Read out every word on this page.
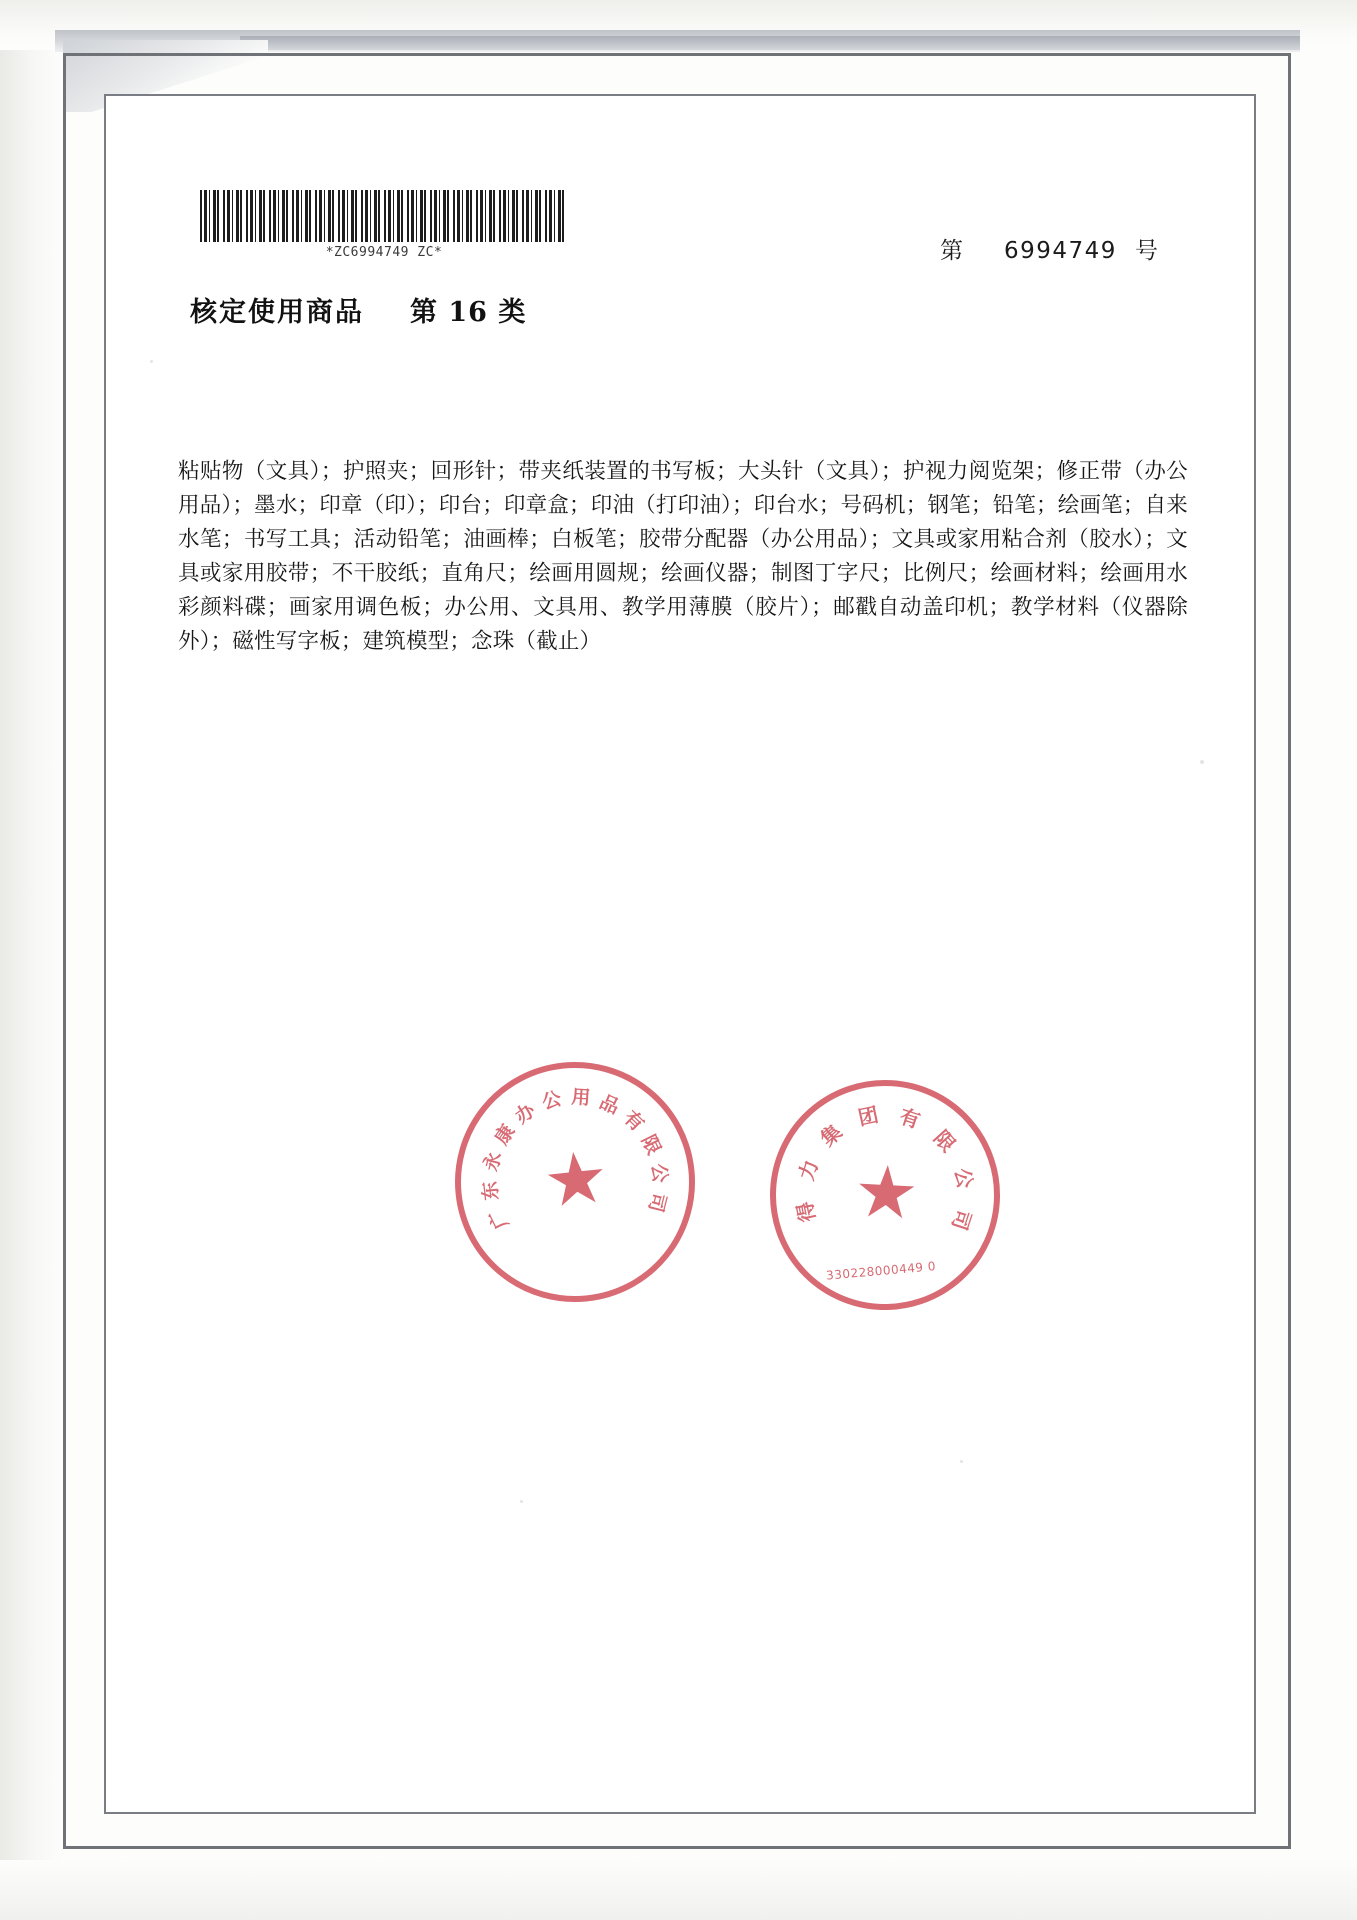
*ZC6994749 ZC*	第 6994749 号
核定使用商品 第 16 类
粘贴物（文具）；护照夹；回形针；带夹纸装置的书写板；大头针（文具）；护视力阅览架；修正带（办公用品）；墨水；印章（印）；印台；印章盒；印油（打印油）；印台水；号码机；钢笔；铅笔；绘画笔；自来水笔；书写工具；活动铅笔；油画棒；白板笔；胶带分配器（办公用品）；文具或家用粘合剂（胶水）；文具或家用胶带；不干胶纸；直角尺；绘画用圆规；绘画仪器；制图丁字尺；比例尺；绘画材料；绘画用水彩颜料碟；画家用调色板；办公用、文具用、教学用薄膜（胶片）；邮戳自动盖印机；教学材料（仪器除外）；磁性写字板；建筑模型；念珠（截止）
广
东
永
康
办 公 用 品
有
限
公
司
★	得
力
集
团 有
限
公
司
★
330228000449 0
